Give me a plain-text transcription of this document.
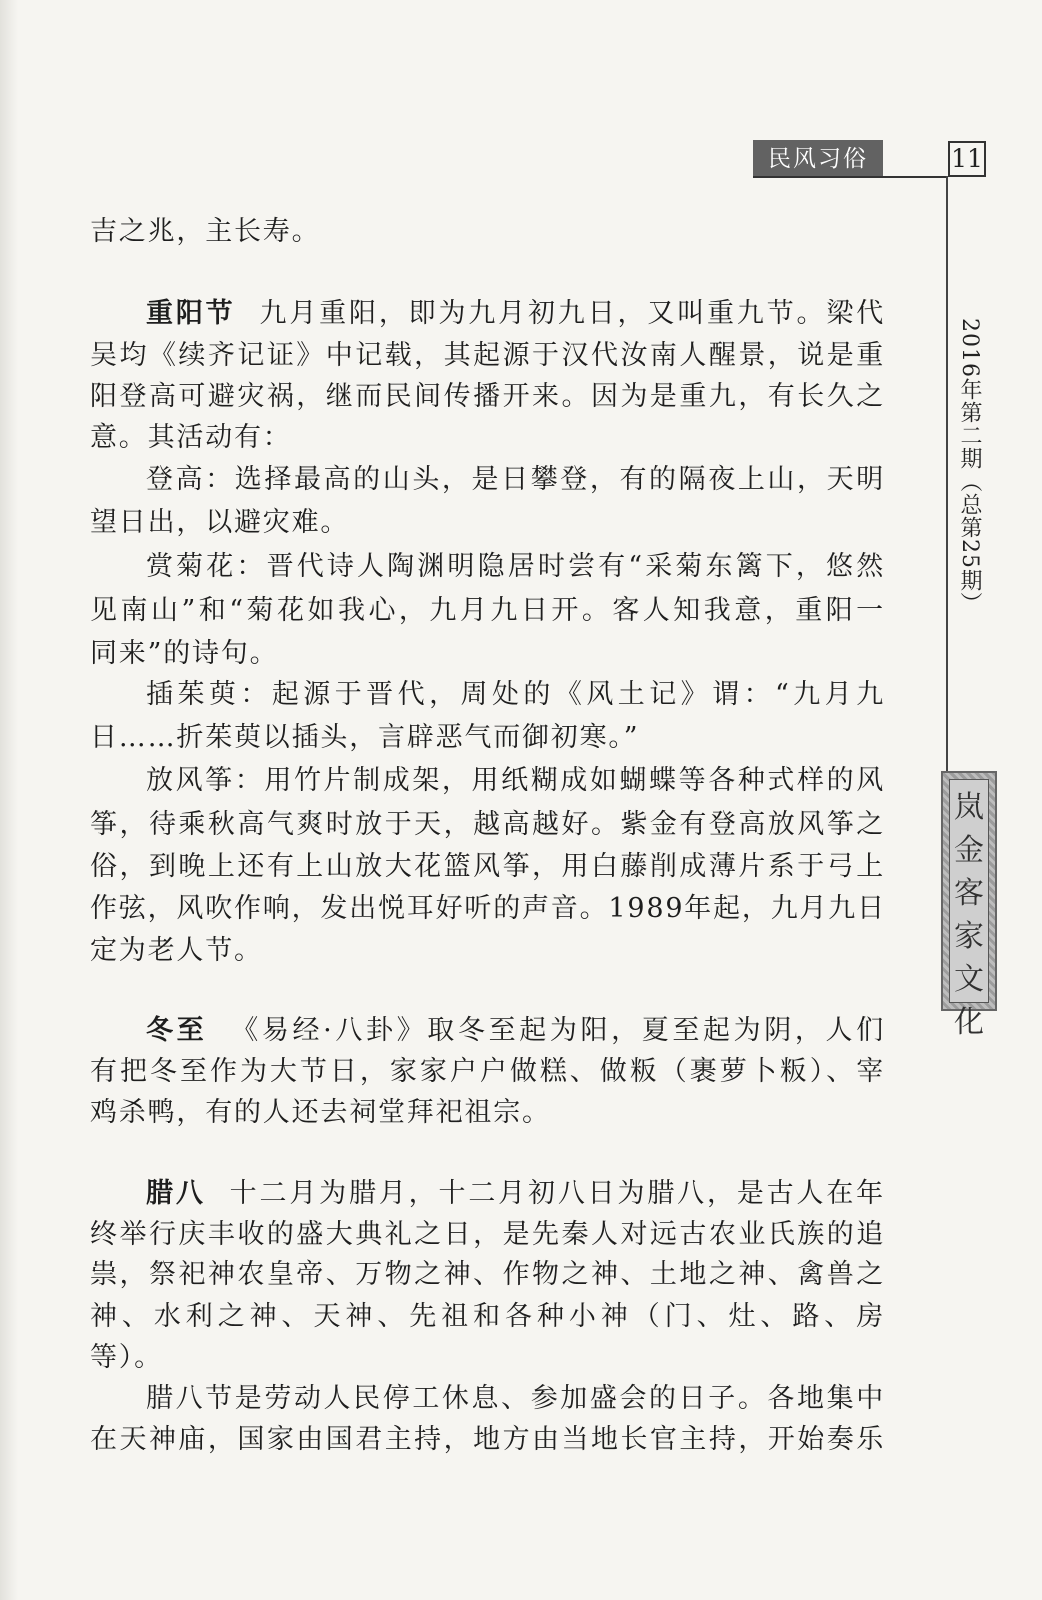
民风习俗	11
2016年第二期（总第25期）
岚
金
客
家
文
化
吉之兆，主长寿。
重阳节 九月重阳，即为九月初九日，又叫重九节。梁代
吴均《续齐记证》中记载，其起源于汉代汝南人醒景，说是重
阳登高可避灾祸，继而民间传播开来。因为是重九，有长久之
意。其活动有：
登高：选择最高的山头，是日攀登，有的隔夜上山，天明
望日出，以避灾难。
赏菊花：晋代诗人陶渊明隐居时尝有“采菊东篱下，悠然
见南山”和“菊花如我心，九月九日开。客人知我意，重阳一
同来”的诗句。
插茱萸：起源于晋代，周处的《风土记》谓：“九月九
日……折茱萸以插头，言辟恶气而御初寒。”
放风筝：用竹片制成架，用纸糊成如蝴蝶等各种式样的风
筝，待乘秋高气爽时放于天，越高越好。紫金有登高放风筝之
俗，到晚上还有上山放大花篮风筝，用白藤削成薄片系于弓上
作弦，风吹作响，发出悦耳好听的声音。1989年起，九月九日
定为老人节。
冬至 《易经·八卦》取冬至起为阳，夏至起为阴，人们
有把冬至作为大节日，家家户户做糕、做粄（裹萝卜粄）、宰
鸡杀鸭，有的人还去祠堂拜祀祖宗。
腊八 十二月为腊月，十二月初八日为腊八，是古人在年
终举行庆丰收的盛大典礼之日，是先秦人对远古农业氏族的追
祟，祭祀神农皇帝、万物之神、作物之神、土地之神、禽兽之
神、水利之神、天神、先祖和各种小神（门、灶、路、房
等）。
腊八节是劳动人民停工休息、参加盛会的日子。各地集中
在天神庙，国家由国君主持，地方由当地长官主持，开始奏乐
